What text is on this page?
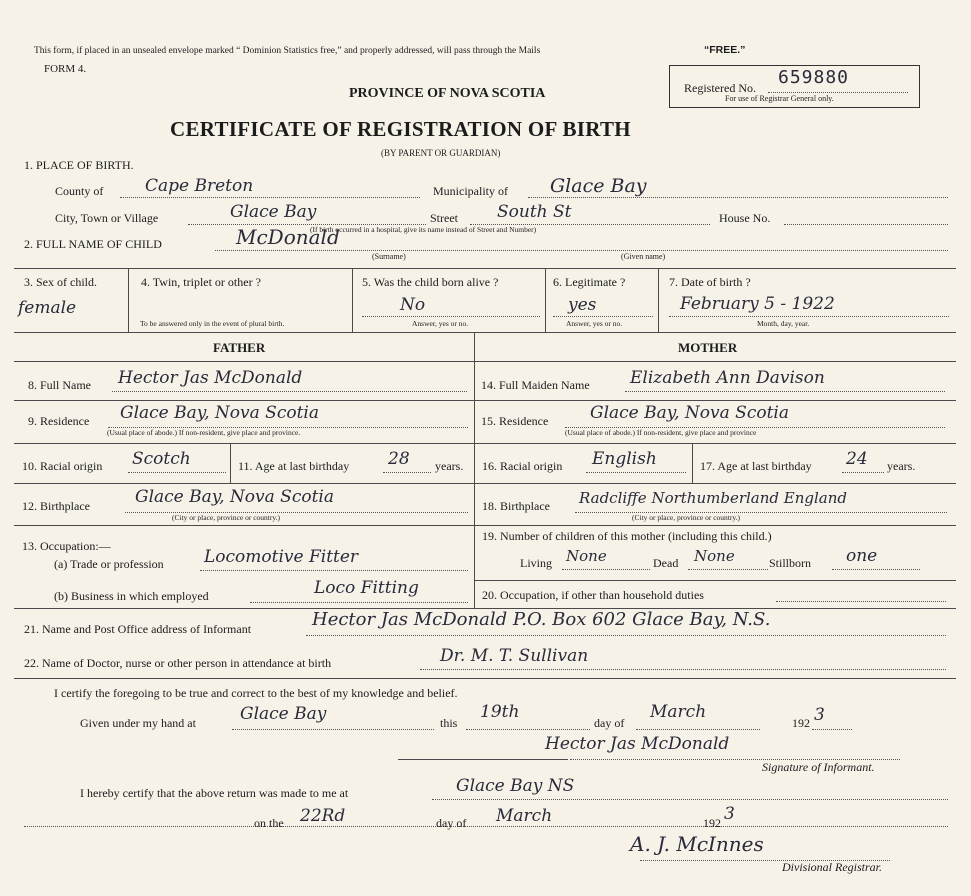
This form, if placed in an unsealed envelope marked “ Dominion Statistics free,” and properly addressed, will pass through the Mails	“FREE.”
FORM 4.
PROVINCE OF NOVA SCOTIA	Registered No. 659880
For use of Registrar General only.
CERTIFICATE OF REGISTRATION OF BIRTH
(BY PARENT OR GUARDIAN)
1. PLACE OF BIRTH.
County of Cape Breton	Municipality of Glace Bay
City, Town or Village	Glace Bay	Street South St	House No.
(If birth occurred in a hospital, give its name instead of Street and Number)
2. FULL NAME OF CHILD	McDonald
(Surname)	(Given name)
3. Sex of child.
female
4. Twin, triplet or other ?
To be answered only in the event of plural birth.
5. Was the child born alive ?
No
Answer, yes or no.
6. Legitimate ?
yes
Answer, yes or no.
7. Date of birth ?
February 5 - 1922
Month, day, year.
FATHER	MOTHER
8. Full Name Hector Jas McDonald	14. Full Maiden Name Elizabeth Ann Davison
9. Residence Glace Bay, Nova Scotia
(Usual place of abode.) If non-resident, give place and province.
15. Residence Glace Bay, Nova Scotia
(Usual place of abode.) If non-resident, give place and province
10. Racial origin Scotch	11. Age at last birthday 28 years. 16. Racial origin English	17. Age at last birthday 24 years.
12. Birthplace	Glace Bay, Nova Scotia
(City or place, province or country.)
18. Birthplace Radcliffe Northumberland England
(City or place, province or country.)
13. Occupation:—
(a) Trade or profession Locomotive Fitter
(b) Business in which employed	Loco Fitting
19. Number of children of this mother (including this child.)
Living None	Dead None	Stillborn one
20. Occupation, if other than household duties
21. Name and Post Office address of Informant	Hector Jas McDonald P.O. Box 602 Glace Bay, N.S.
22. Name of Doctor, nurse or other person in attendance at birth	Dr. M. T. Sullivan
I certify the foregoing to be true and correct to the best of my knowledge and belief.
Given under my hand at	Glace Bay	this
19th
day of
March
192 3
Hector Jas McDonald
Signature of Informant.
I hereby certify that the above return was made to me at	Glace Bay NS
on the 22Rd	day of March	192 3
A. J. McInnes
Divisional Registrar.
